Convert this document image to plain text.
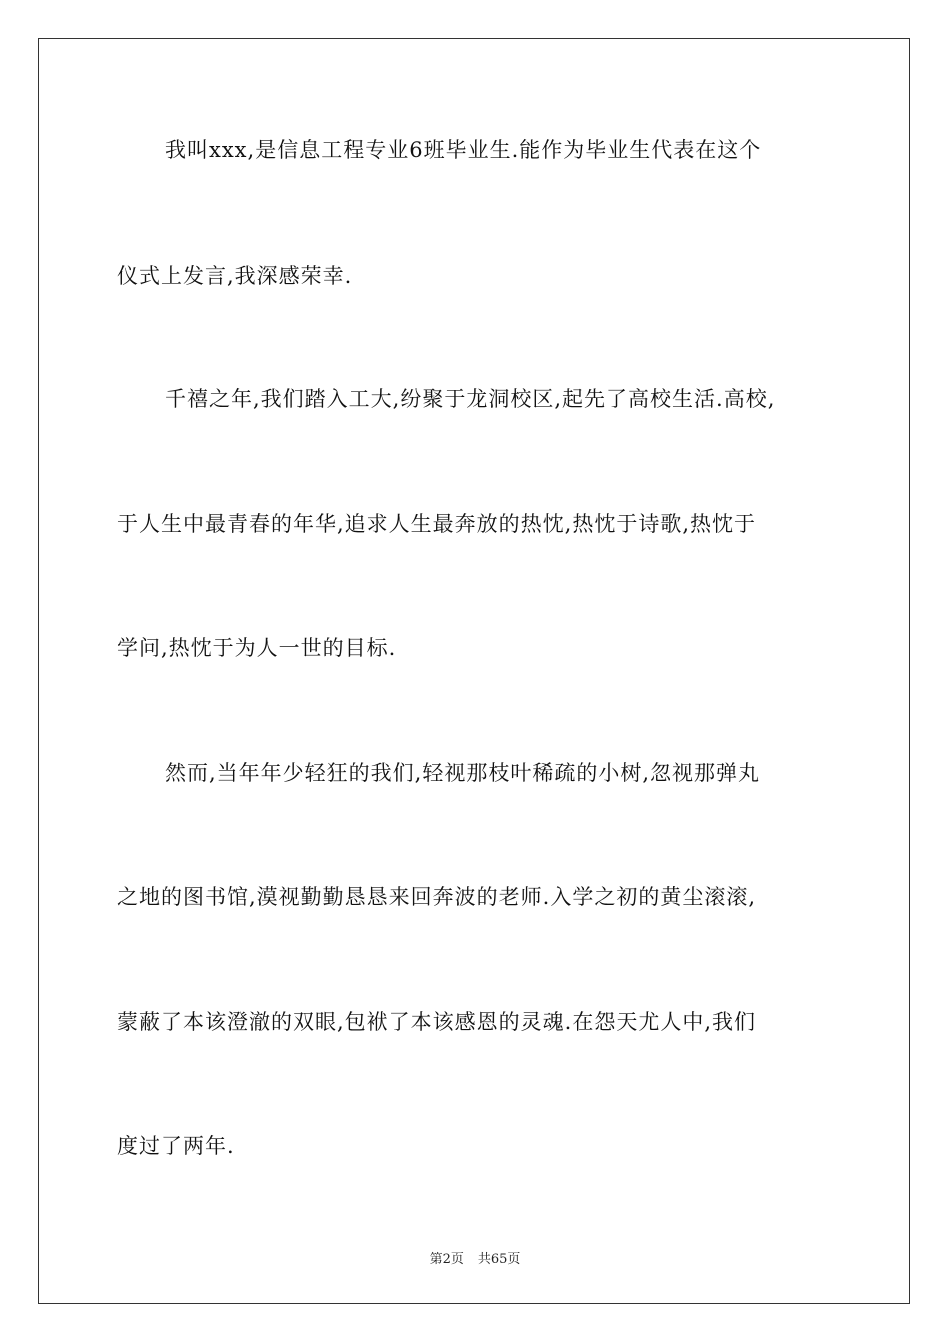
我叫xxx,是信息工程专业6班毕业生.能作为毕业生代表在这个
仪式上发言,我深感荣幸.
千禧之年,我们踏入工大,纷聚于龙洞校区,起先了高校生活.高校,
于人生中最青春的年华,追求人生最奔放的热忱,热忱于诗歌,热忱于
学问,热忱于为人一世的目标.
然而,当年年少轻狂的我们,轻视那枝叶稀疏的小树,忽视那弹丸
之地的图书馆,漠视勤勤恳恳来回奔波的老师.入学之初的黄尘滚滚,
蒙蔽了本该澄澈的双眼,包袱了本该感恩的灵魂.在怨天尤人中,我们
度过了两年.
第2页 共65页
